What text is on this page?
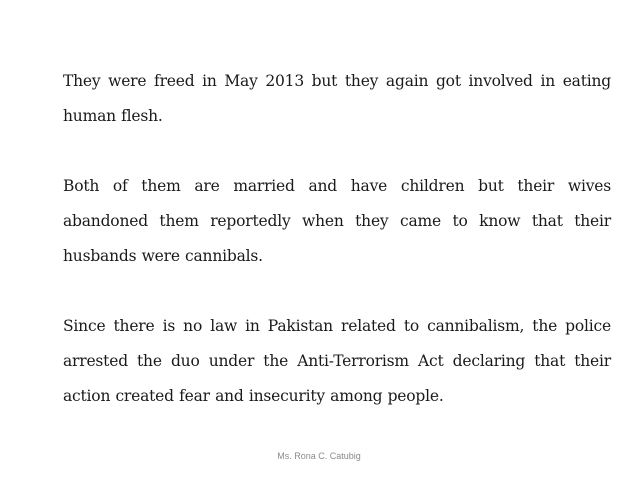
They were freed in May 2013 but they again got involved in eating human flesh.

Both of them are married and have children but their wives abandoned them reportedly when they came to know that their husbands were cannibals.

Since there is no law in Pakistan related to cannibalism, the police arrested the duo under the Anti-Terrorism Act declaring that their action created fear and insecurity among people.

Ms. Rona C. Catubig
